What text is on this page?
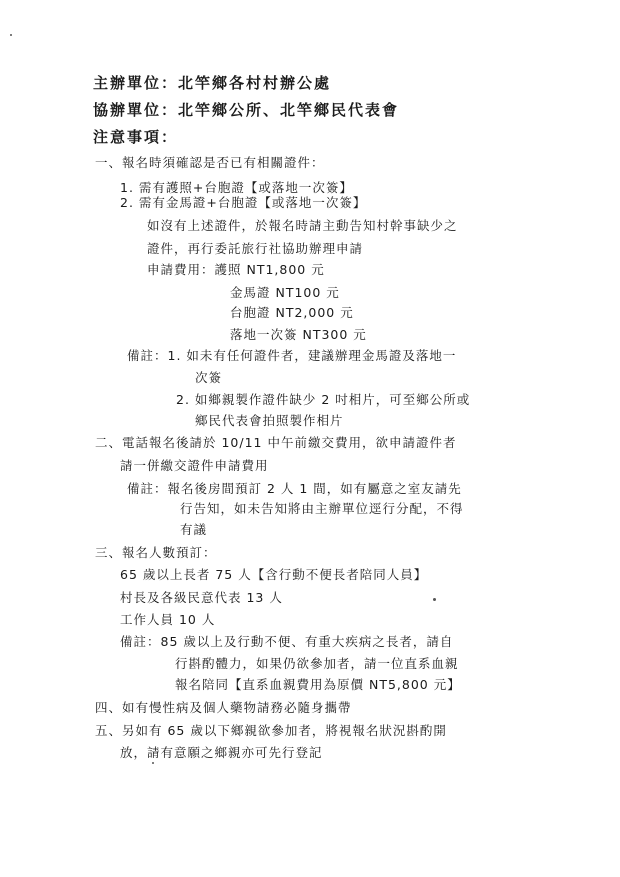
主辦單位：北竿鄉各村村辦公處
協辦單位：北竿鄉公所、北竿鄉民代表會
注意事項：
一、報名時須確認是否已有相關證件：
1. 需有護照+台胞證【或落地一次簽】
2. 需有金馬證+台胞證【或落地一次簽】
如沒有上述證件，於報名時請主動告知村幹事缺少之
證件，再行委託旅行社協助辦理申請
申請費用：護照 NT1,800 元
金馬證 NT100 元
台胞證 NT2,000 元
落地一次簽 NT300 元
備註：1. 如未有任何證件者，建議辦理金馬證及落地一
次簽
2. 如鄉親製作證件缺少 2 吋相片，可至鄉公所或
鄉民代表會拍照製作相片
二、電話報名後請於 10/11 中午前繳交費用，欲申請證件者
請一併繳交證件申請費用
備註：報名後房間預訂 2 人 1 間，如有屬意之室友請先
行告知，如未告知將由主辦單位逕行分配，不得
有議
三、報名人數預訂：
65 歲以上長者 75 人【含行動不便長者陪同人員】
村長及各級民意代表 13 人
工作人員 10 人
備註：85 歲以上及行動不便、有重大疾病之長者，請自
行斟酌體力，如果仍欲參加者，請一位直系血親
報名陪同【直系血親費用為原價 NT5,800 元】
四、如有慢性病及個人藥物請務必隨身攜帶
五、另如有 65 歲以下鄉親欲參加者，將視報名狀況斟酌開
放，請有意願之鄉親亦可先行登記
